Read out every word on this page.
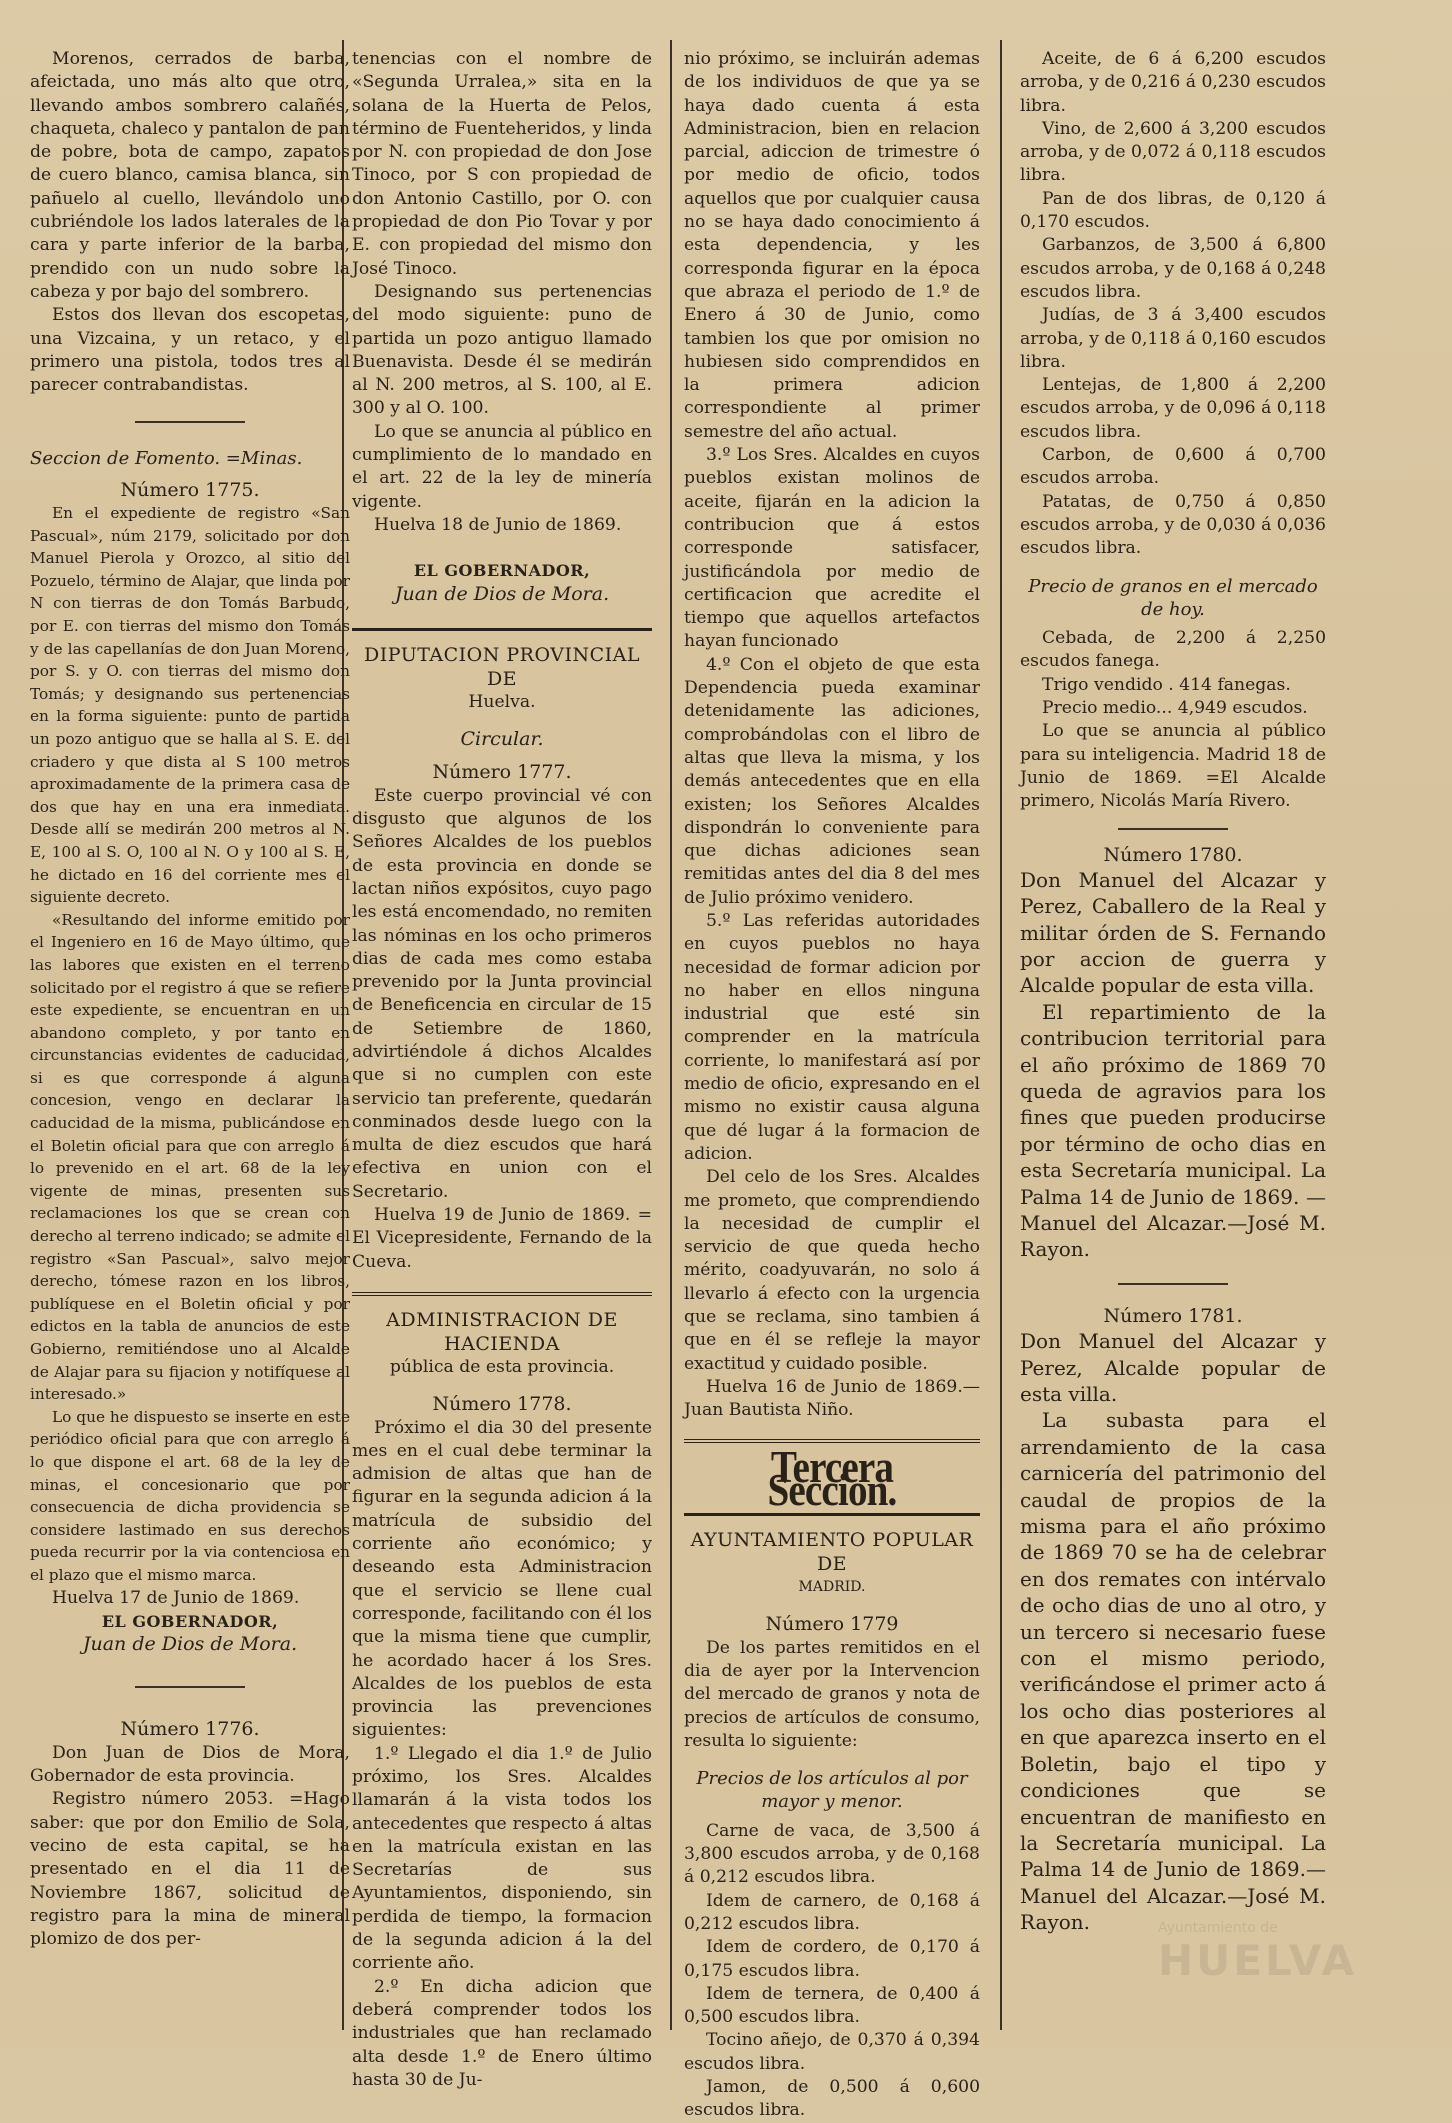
Morenos, cerrados de barba, afeictada, uno más alto que otro, llevando ambos sombrero calañés, chaqueta, chaleco y pantalon de pan de pobre, bota de campo, zapatos de cuero blanco, camisa blanca, sin pañuelo al cuello, llevándolo uno cubriéndole los lados laterales de la cara y parte inferior de la barba, prendido con un nudo sobre la cabeza y por bajo del sombrero.

Estos dos llevan dos escopetas, una Vizcaina, y un retaco, y el primero una pistola, todos tres al parecer contrabandistas.

Seccion de Fomento. =Minas.

Número 1775.

En el expediente de registro «San Pascual», núm 2179, solicitado por don Manuel Pierola y Orozco, al sitio del Pozuelo, término de Alajar, que linda por N con tierras de don Tomás Barbudo, por E. con tierras del mismo don Tomás y de las capellanías de don Juan Moreno, por S. y O. con tierras del mismo don Tomás; y designando sus pertenencias en la forma siguiente: punto de partida un pozo antiguo que se halla al S. E. del criadero y que dista al S 100 metros aproximadamente de la primera casa de dos que hay en una era inmediata. Desde allí se medirán 200 metros al N. E, 100 al S. O, 100 al N. O y 100 al S. E, he dictado en 16 del corriente mes el siguiente decreto.

«Resultando del informe emitido por el Ingeniero en 16 de Mayo último, que las labores que existen en el terreno solicitado por el registro á que se refiere este expediente, se encuentran en un abandono completo, y por tanto en circunstancias evidentes de caducidad, si es que corresponde á alguna concesion, vengo en declarar la caducidad de la misma, publicándose en el Boletin oficial para que con arreglo á lo prevenido en el art. 68 de la ley vigente de minas, presenten sus reclamaciones los que se crean con derecho al terreno indicado; se admite el registro «San Pascual», salvo mejor derecho, tómese razon en los libros, publíquese en el Boletin oficial y por edictos en la tabla de anuncios de este Gobierno, remitiéndose uno al Alcalde de Alajar para su fijacion y notifíquese al interesado.»

Lo que he dispuesto se inserte en este periódico oficial para que con arreglo á lo que dispone el art. 68 de la ley de minas, el concesionario que por consecuencia de dicha providencia se considere lastimado en sus derechos pueda recurrir por la via contenciosa en el plazo que el mismo marca.

Huelva 17 de Junio de 1869.

EL GOBERNADOR,

Juan de Dios de Mora.

Número 1776.

Don Juan de Dios de Mora, Gobernador de esta provincia.

Registro número 2053. =Hago saber: que por don Emilio de Sola, vecino de esta capital, se ha presentado en el dia 11 de Noviembre 1867, solicitud de registro para la mina de mineral plomizo de dos per-

tenencias con el nombre de «Segunda Urralea,» sita en la solana de la Huerta de Pelos, término de Fuenteheridos, y linda por N. con propiedad de don Jose Tinoco, por S con propiedad de don Antonio Castillo, por O. con propiedad de don Pio Tovar y por E. con propiedad del mismo don José Tinoco.

Designando sus pertenencias del modo siguiente: puno de partida un pozo antiguo llamado Buenavista. Desde él se medirán al N. 200 metros, al S. 100, al E. 300 y al O. 100.

Lo que se anuncia al público en cumplimiento de lo mandado en el art. 22 de la ley de minería vigente.

Huelva 18 de Junio de 1869.

EL GOBERNADOR,

Juan de Dios de Mora.

DIPUTACION PROVINCIAL DE

Huelva.

Circular.

Número 1777.

Este cuerpo provincial vé con disgusto que algunos de los Señores Alcaldes de los pueblos de esta provincia en donde se lactan niños expósitos, cuyo pago les está encomendado, no remiten las nóminas en los ocho primeros dias de cada mes como estaba prevenido por la Junta provincial de Beneficencia en circular de 15 de Setiembre de 1860, advirtiéndole á dichos Alcaldes que si no cumplen con este servicio tan preferente, quedarán conminados desde luego con la multa de diez escudos que hará efectiva en union con el Secretario.

Huelva 19 de Junio de 1869. = El Vicepresidente, Fernando de la Cueva.

ADMINISTRACION DE HACIENDA

pública de esta provincia.

Número 1778.

Próximo el dia 30 del presente mes en el cual debe terminar la admision de altas que han de figurar en la segunda adicion á la matrícula de subsidio del corriente año económico; y deseando esta Administracion que el servicio se llene cual corresponde, facilitando con él los que la misma tiene que cumplir, he acordado hacer á los Sres. Alcaldes de los pueblos de esta provincia las prevenciones siguientes:

1.º Llegado el dia 1.º de Julio próximo, los Sres. Alcaldes llamarán á la vista todos los antecedentes que respecto á altas en la matrícula existan en las Secretarías de sus Ayuntamientos, disponiendo, sin perdida de tiempo, la formacion de la segunda adicion á la del corriente año.

2.º En dicha adicion que deberá comprender todos los industriales que han reclamado alta desde 1.º de Enero último hasta 30 de Ju-

nio próximo, se incluirán ademas de los individuos de que ya se haya dado cuenta á esta Administracion, bien en relacion parcial, adiccion de trimestre ó por medio de oficio, todos aquellos que por cualquier causa no se haya dado conocimiento á esta dependencia, y les corresponda figurar en la época que abraza el periodo de 1.º de Enero á 30 de Junio, como tambien los que por omision no hubiesen sido comprendidos en la primera adicion correspondiente al primer semestre del año actual.

3.º Los Sres. Alcaldes en cuyos pueblos existan molinos de aceite, fijarán en la adicion la contribucion que á estos corresponde satisfacer, justificándola por medio de certificacion que acredite el tiempo que aquellos artefactos hayan funcionado

4.º Con el objeto de que esta Dependencia pueda examinar detenidamente las adiciones, comprobándolas con el libro de altas que lleva la misma, y los demás antecedentes que en ella existen; los Señores Alcaldes dispondrán lo conveniente para que dichas adiciones sean remitidas antes del dia 8 del mes de Julio próximo venidero.

5.º Las referidas autoridades en cuyos pueblos no haya necesidad de formar adicion por no haber en ellos ninguna industrial que esté sin comprender en la matrícula corriente, lo manifestará así por medio de oficio, expresando en el mismo no existir causa alguna que dé lugar á la formacion de adicion.

Del celo de los Sres. Alcaldes me prometo, que comprendiendo la necesidad de cumplir el servicio de que queda hecho mérito, coadyuvarán, no solo á llevarlo á efecto con la urgencia que se reclama, sino tambien á que en él se refleje la mayor exactitud y cuidado posible.

Huelva 16 de Junio de 1869.— Juan Bautista Niño.

Tercera Seccion.

AYUNTAMIENTO POPULAR DE

MADRID.

Número 1779

De los partes remitidos en el dia de ayer por la Intervencion del mercado de granos y nota de precios de artículos de consumo, resulta lo siguiente:

Precios de los artículos al por mayor y menor.

Carne de vaca, de 3,500 á 3,800 escudos arroba, y de 0,168 á 0,212 escudos libra.

Idem de carnero, de 0,168 á 0,212 escudos libra.

Idem de cordero, de 0,170 á 0,175 escudos libra.

Idem de ternera, de 0,400 á 0,500 escudos libra.

Tocino añejo, de 0,370 á 0,394 escudos libra.

Jamon, de 0,500 á 0,600 escudos libra.

Aceite, de 6 á 6,200 escudos arroba, y de 0,216 á 0,230 escudos libra.

Vino, de 2,600 á 3,200 escudos arroba, y de 0,072 á 0,118 escudos libra.

Pan de dos libras, de 0,120 á 0,170 escudos.

Garbanzos, de 3,500 á 6,800 escudos arroba, y de 0,168 á 0,248 escudos libra.

Judías, de 3 á 3,400 escudos arroba, y de 0,118 á 0,160 escudos libra.

Lentejas, de 1,800 á 2,200 escudos arroba, y de 0,096 á 0,118 escudos libra.

Carbon, de 0,600 á 0,700 escudos arroba.

Patatas, de 0,750 á 0,850 escudos arroba, y de 0,030 á 0,036 escudos libra.

Precio de granos en el mercado de hoy.

Cebada, de 2,200 á 2,250 escudos fanega.

Trigo vendido . 414 fanegas.

Precio medio... 4,949 escudos.

Lo que se anuncia al público para su inteligencia. Madrid 18 de Junio de 1869. =El Alcalde primero, Nicolás María Rivero.

Número 1780.

Don Manuel del Alcazar y Perez, Caballero de la Real y militar órden de S. Fernando por accion de guerra y Alcalde popular de esta villa.

El repartimiento de la contribucion territorial para el año próximo de 1869 70 queda de agravios para los fines que pueden producirse por término de ocho dias en esta Secretaría municipal. La Palma 14 de Junio de 1869. —Manuel del Alcazar.—José M. Rayon.

Número 1781.

Don Manuel del Alcazar y Perez, Alcalde popular de esta villa.

La subasta para el arrendamiento de la casa carnicería del patrimonio del caudal de propios de la misma para el año próximo de 1869 70 se ha de celebrar en dos remates con intérvalo de ocho dias de uno al otro, y un tercero si necesario fuese con el mismo periodo, verificándose el primer acto á los ocho dias posteriores al en que aparezca inserto en el Boletin, bajo el tipo y condiciones que se encuentran de manifiesto en la Secretaría municipal. La Palma 14 de Junio de 1869.—Manuel del Alcazar.—José M. Rayon.	Ayuntamiento de
HUELVA
